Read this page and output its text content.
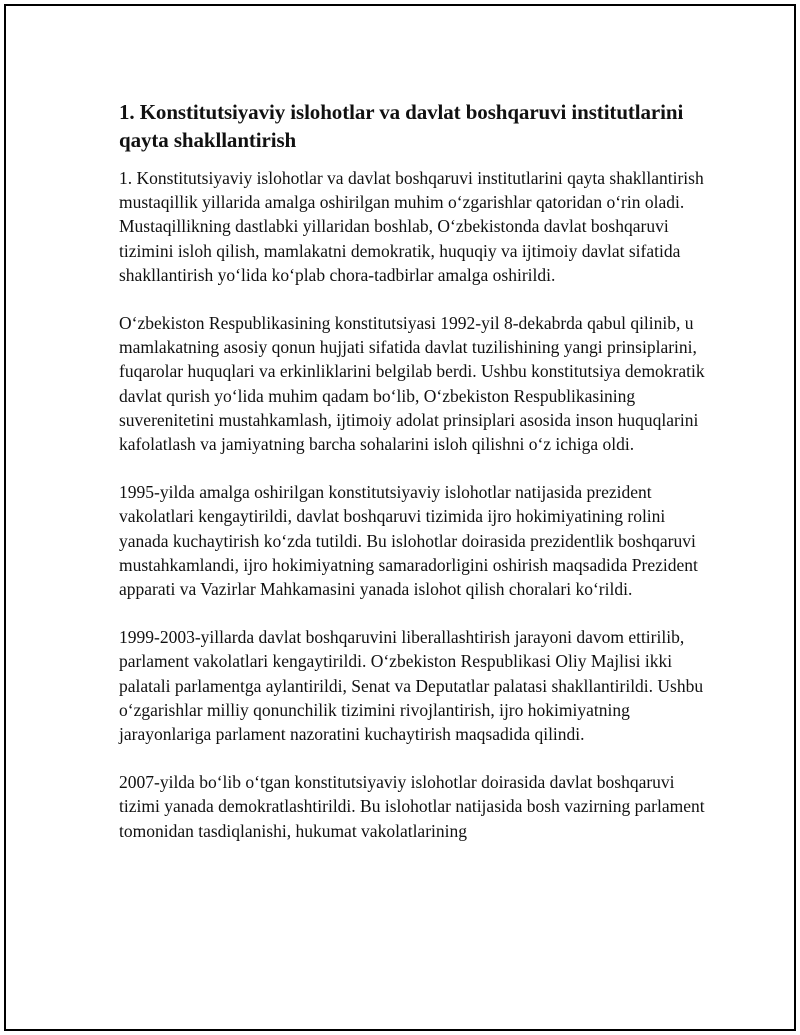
1. Konstitutsiyaviy islohotlar va davlat boshqaruvi institutlarini qayta shakllantirish

1. Konstitutsiyaviy islohotlar va davlat boshqaruvi institutlarini qayta shakllantirish mustaqillik yillarida amalga oshirilgan muhim o‘zgarishlar qatoridan o‘rin oladi. Mustaqillikning dastlabki yillaridan boshlab, O‘zbekistonda davlat boshqaruvi tizimini isloh qilish, mamlakatni demokratik, huquqiy va ijtimoiy davlat sifatida shakllantirish yo‘lida ko‘plab chora-tadbirlar amalga oshirildi.

O‘zbekiston Respublikasining konstitutsiyasi 1992-yil 8-dekabrda qabul qilinib, u mamlakatning asosiy qonun hujjati sifatida davlat tuzilishining yangi prinsiplarini, fuqarolar huquqlari va erkinliklarini belgilab berdi. Ushbu konstitutsiya demokratik davlat qurish yo‘lida muhim qadam bo‘lib, O‘zbekiston Respublikasining suverenitetini mustahkamlash, ijtimoiy adolat prinsiplari asosida inson huquqlarini kafolatlash va jamiyatning barcha sohalarini isloh qilishni o‘z ichiga oldi.

1995-yilda amalga oshirilgan konstitutsiyaviy islohotlar natijasida prezident vakolatlari kengaytirildi, davlat boshqaruvi tizimida ijro hokimiyatining rolini yanada kuchaytirish ko‘zda tutildi. Bu islohotlar doirasida prezidentlik boshqaruvi mustahkamlandi, ijro hokimiyatning samaradorligini oshirish maqsadida Prezident apparati va Vazirlar Mahkamasini yanada islohot qilish choralari ko‘rildi.

1999-2003-yillarda davlat boshqaruvini liberallashtirish jarayoni davom ettirilib, parlament vakolatlari kengaytirildi. O‘zbekiston Respublikasi Oliy Majlisi ikki palatali parlamentga aylantirildi, Senat va Deputatlar palatasi shakllantirildi. Ushbu o‘zgarishlar milliy qonunchilik tizimini rivojlantirish, ijro hokimiyatning jarayonlariga parlament nazoratini kuchaytirish maqsadida qilindi.

2007-yilda bo‘lib o‘tgan konstitutsiyaviy islohotlar doirasida davlat boshqaruvi tizimi yanada demokratlashtirildi. Bu islohotlar natijasida bosh vazirning parlament tomonidan tasdiqlanishi, hukumat vakolatlarining
